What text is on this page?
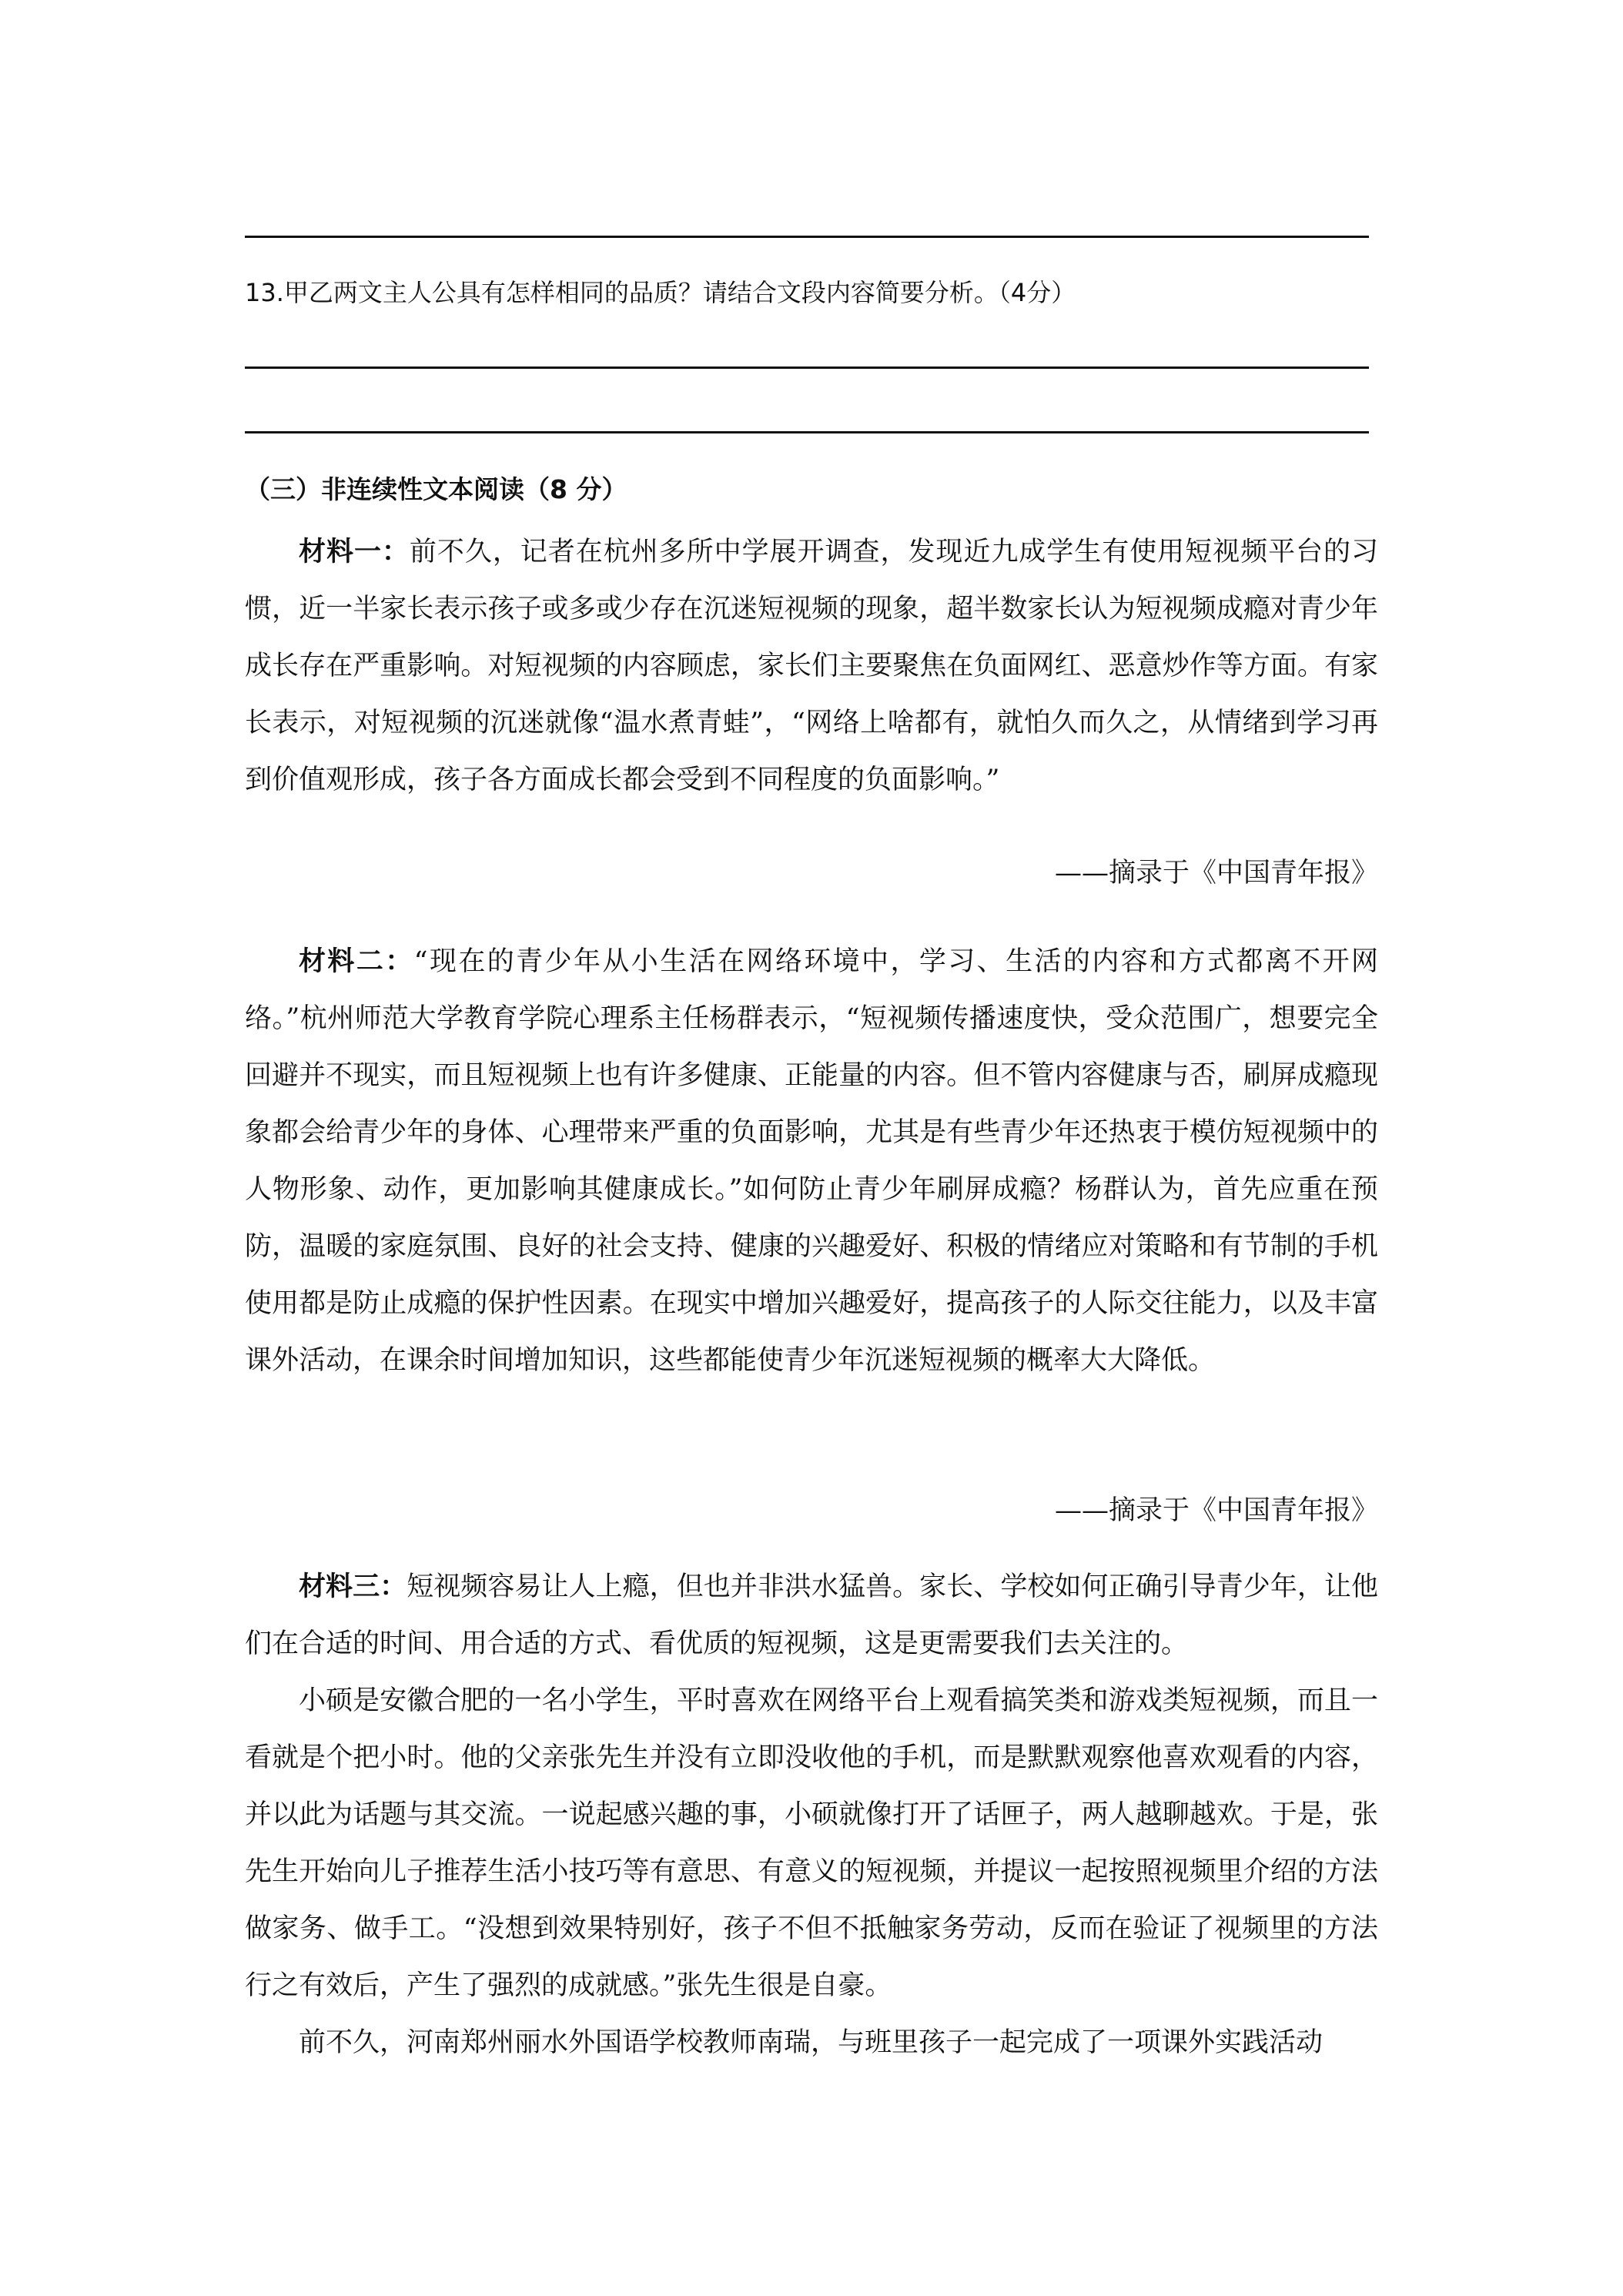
13.甲乙两文主人公具有怎样相同的品质？请结合文段内容简要分析。（4分）
（三）非连续性文本阅读（8 分）

材料一：前不久，记者在杭州多所中学展开调查，发现近九成学生有使用短视频平台的习惯，近一半家长表示孩子或多或少存在沉迷短视频的现象，超半数家长认为短视频成瘾对青少年成长存在严重影响。对短视频的内容顾虑，家长们主要聚焦在负面网红、恶意炒作等方面。有家长表示，对短视频的沉迷就像“温水煮青蛙”，“网络上啥都有，就怕久而久之，从情绪到学习再到价值观形成，孩子各方面成长都会受到不同程度的负面影响。”

——摘录于《中国青年报》

材料二：“现在的青少年从小生活在网络环境中，学习、生活的内容和方式都离不开网络。”杭州师范大学教育学院心理系主任杨群表示，“短视频传播速度快，受众范围广，想要完全回避并不现实，而且短视频上也有许多健康、正能量的内容。但不管内容健康与否，刷屏成瘾现象都会给青少年的身体、心理带来严重的负面影响，尤其是有些青少年还热衷于模仿短视频中的人物形象、动作，更加影响其健康成长。”如何防止青少年刷屏成瘾？杨群认为，首先应重在预防，温暖的家庭氛围、良好的社会支持、健康的兴趣爱好、积极的情绪应对策略和有节制的手机使用都是防止成瘾的保护性因素。在现实中增加兴趣爱好，提高孩子的人际交往能力，以及丰富课外活动，在课余时间增加知识，这些都能使青少年沉迷短视频的概率大大降低。

——摘录于《中国青年报》

材料三：短视频容易让人上瘾，但也并非洪水猛兽。家长、学校如何正确引导青少年，让他们在合适的时间、用合适的方式、看优质的短视频，这是更需要我们去关注的。

小硕是安徽合肥的一名小学生，平时喜欢在网络平台上观看搞笑类和游戏类短视频，而且一看就是个把小时。他的父亲张先生并没有立即没收他的手机，而是默默观察他喜欢观看的内容，并以此为话题与其交流。一说起感兴趣的事，小硕就像打开了话匣子，两人越聊越欢。于是，张先生开始向儿子推荐生活小技巧等有意思、有意义的短视频，并提议一起按照视频里介绍的方法做家务、做手工。“没想到效果特别好，孩子不但不抵触家务劳动，反而在验证了视频里的方法行之有效后，产生了强烈的成就感。”张先生很是自豪。

前不久，河南郑州丽水外国语学校教师南瑞，与班里孩子一起完成了一项课外实践活动
